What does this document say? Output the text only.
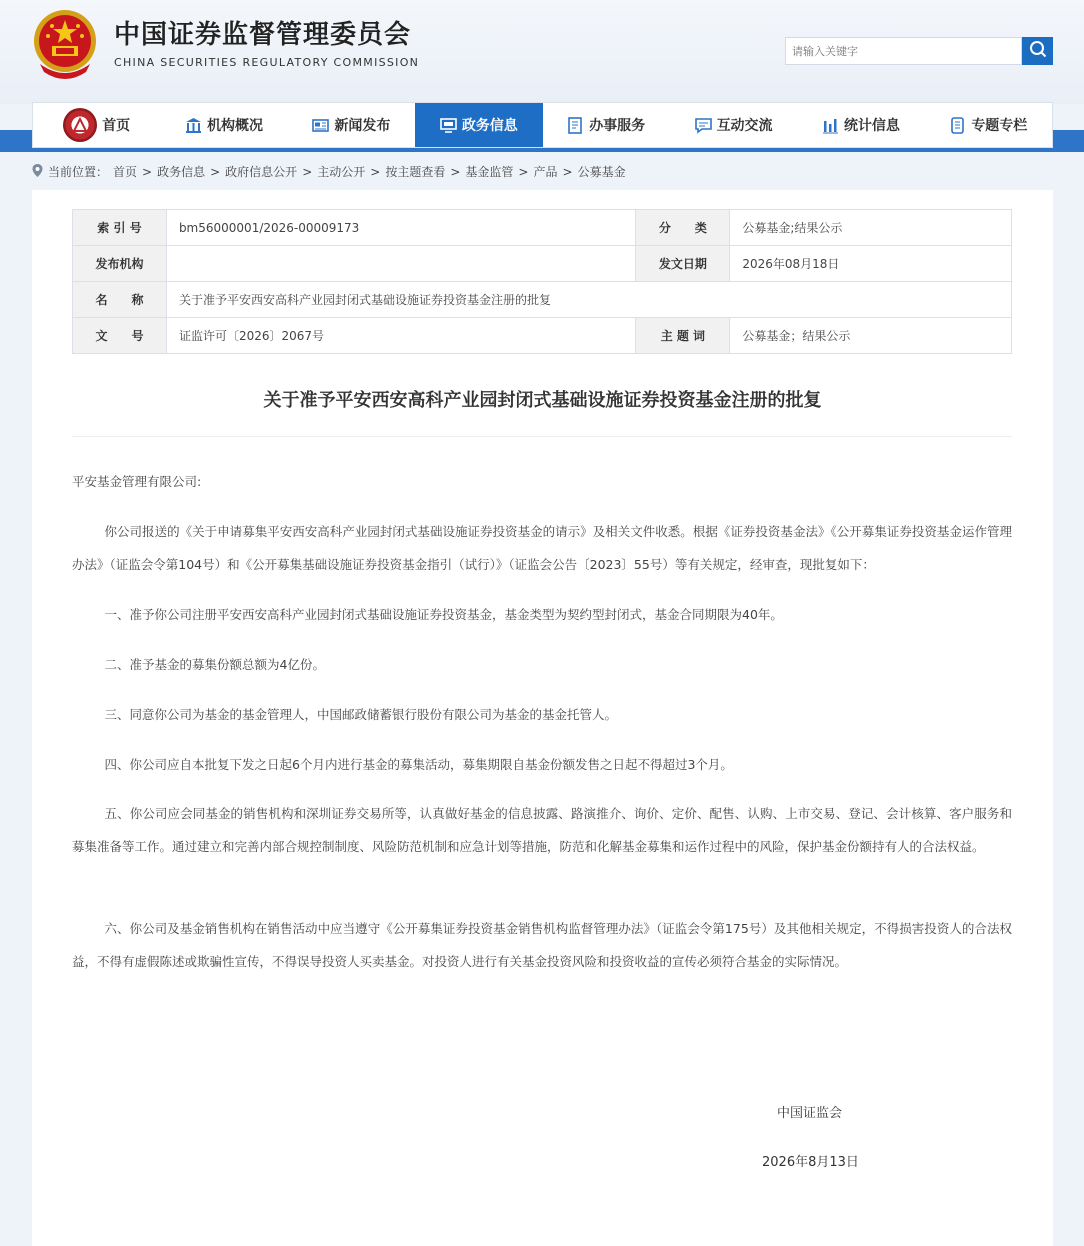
中国证券监督管理委员会
CHINA SECURITIES REGULATORY COMMISSION
请输入关键字
首页	机构概况	新闻发布	政务信息	办事服务	互动交流	统计信息	专题专栏
当前位置： 首页 > 政务信息 > 政府信息公开 > 主动公开 > 按主题查看 > 基金监管 > 产品 > 公募基金
索 引 号	bm56000001/2026-00009173	分　　类	公募基金;结果公示
发布机构		发文日期	2026年08月18日
名　　称	关于准予平安西安高科产业园封闭式基础设施证券投资基金注册的批复		
文　　号	证监许可〔2026〕2067号	主 题 词	公募基金；结果公示
关于准予平安西安高科产业园封闭式基础设施证券投资基金注册的批复
平安基金管理有限公司:
你公司报送的《关于申请募集平安西安高科产业园封闭式基础设施证券投资基金的请示》及相关文件收悉。根据《证券投资基金法》《公开募集证券投资基金运作管理办法》（证监会令第104号）和《公开募集基础设施证券投资基金指引（试行）》（证监会公告〔2023〕55号）等有关规定，经审查，现批复如下：
一、准予你公司注册平安西安高科产业园封闭式基础设施证券投资基金，基金类型为契约型封闭式，基金合同期限为40年。
二、准予基金的募集份额总额为4亿份。
三、同意你公司为基金的基金管理人，中国邮政储蓄银行股份有限公司为基金的基金托管人。
四、你公司应自本批复下发之日起6个月内进行基金的募集活动，募集期限自基金份额发售之日起不得超过3个月。
五、你公司应会同基金的销售机构和深圳证券交易所等，认真做好基金的信息披露、路演推介、询价、定价、配售、认购、上市交易、登记、会计核算、客户服务和募集准备等工作。通过建立和完善内部合规控制制度、风险防范机制和应急计划等措施，防范和化解基金募集和运作过程中的风险，保护基金份额持有人的合法权益。
六、你公司及基金销售机构在销售活动中应当遵守《公开募集证券投资基金销售机构监督管理办法》（证监会令第175号）及其他相关规定，不得损害投资人的合法权益，不得有虚假陈述或欺骗性宣传，不得误导投资人买卖基金。对投资人进行有关基金投资风险和投资收益的宣传必须符合基金的实际情况。
中国证监会
2026年8月13日
